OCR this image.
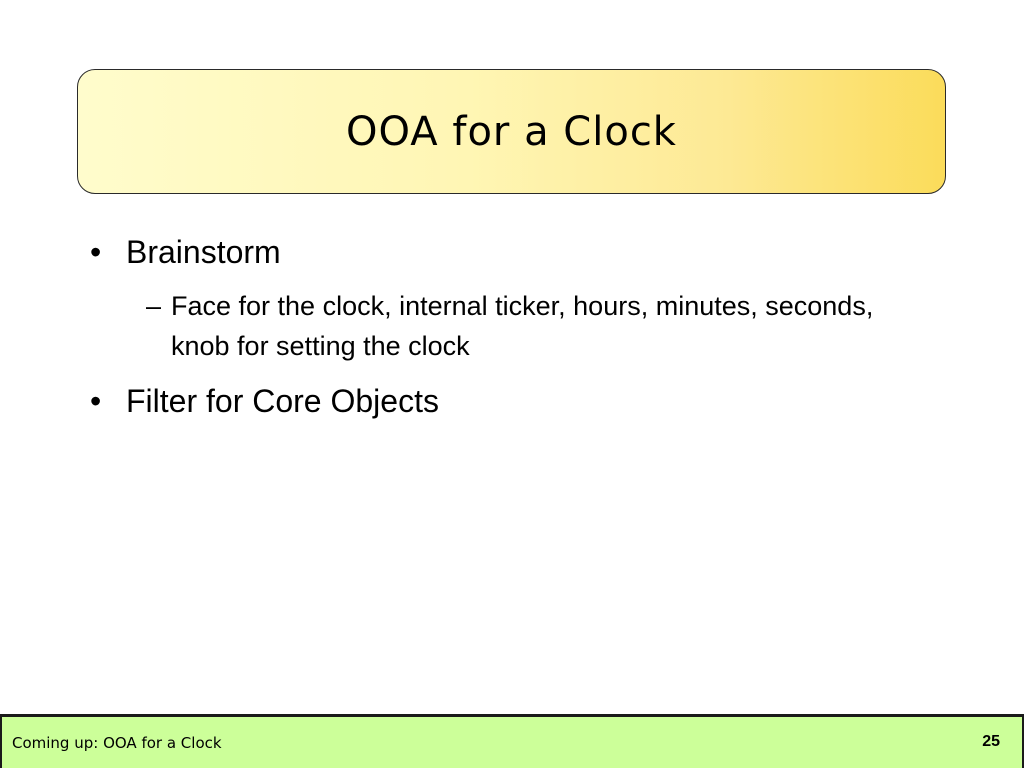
OOA for a Clock
• Brainstorm
– Face for the clock, internal ticker, hours, minutes, seconds, knob for setting the clock
• Filter for Core Objects
Coming up: OOA for a Clock	25
